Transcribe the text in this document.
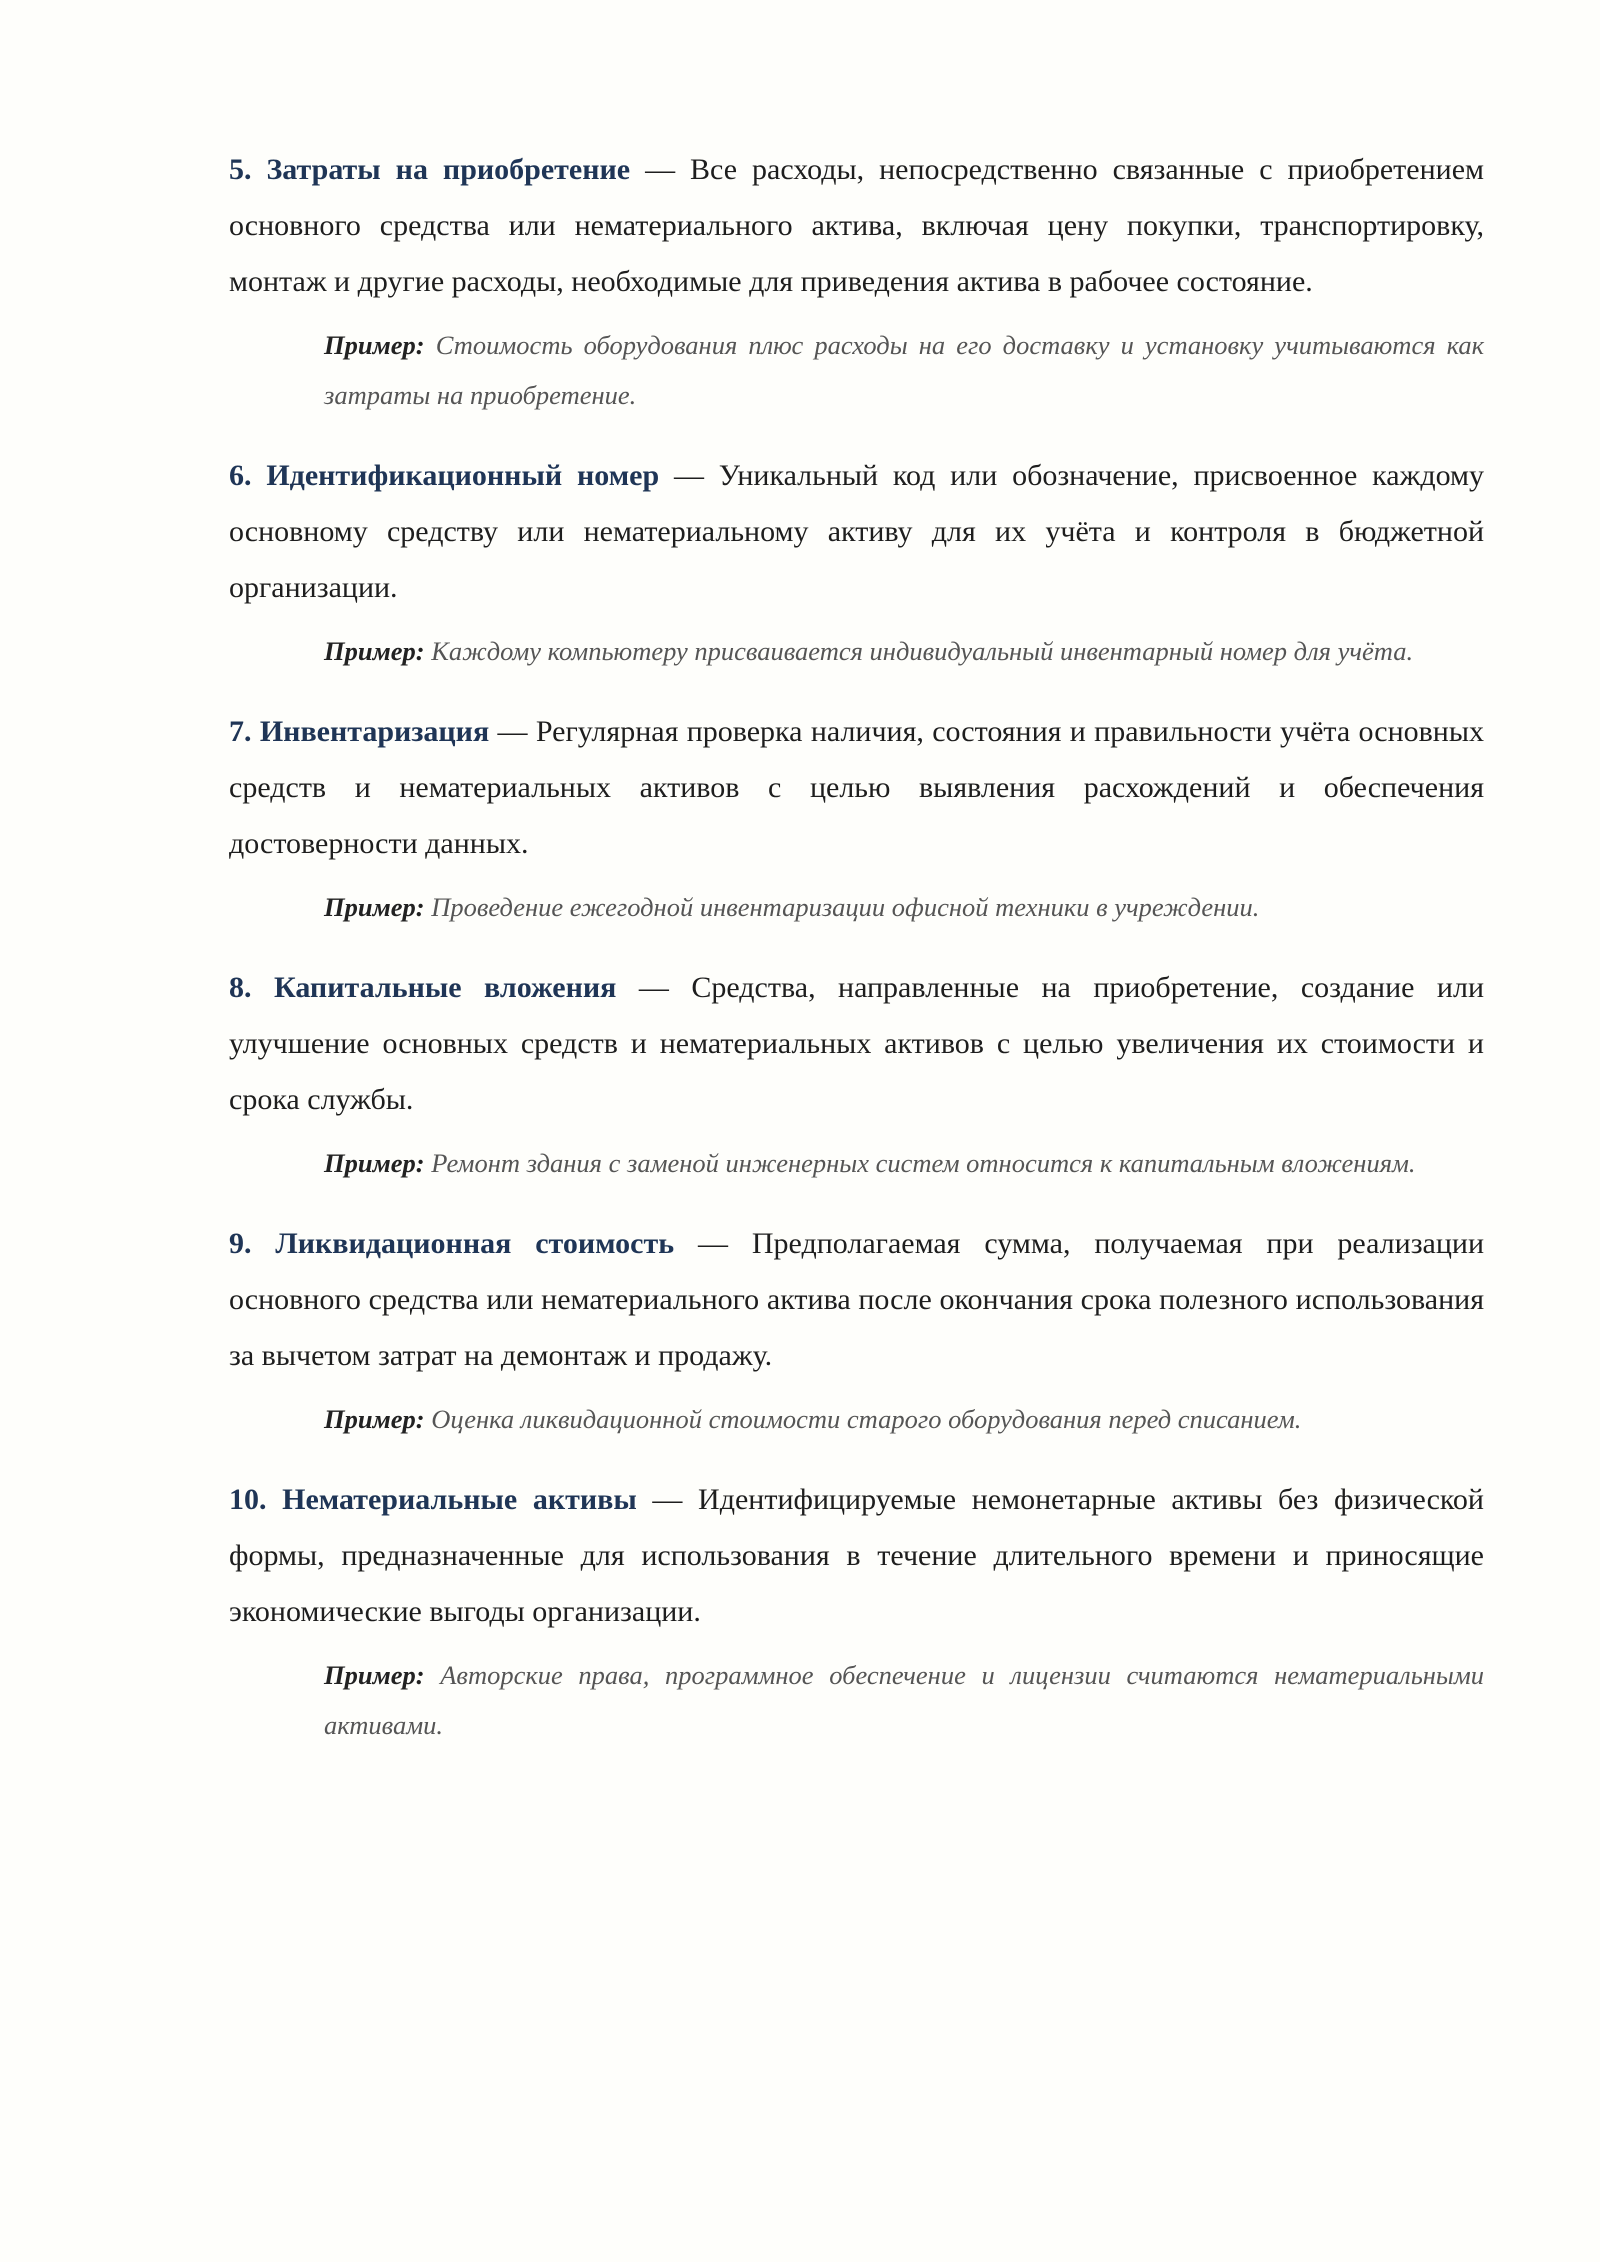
5. Затраты на приобретение — Все расходы, непосредственно связанные с приобретением основного средства или нематериального актива, включая цену покупки, транспортировку, монтаж и другие расходы, необходимые для приведения актива в рабочее состояние.

Пример: Стоимость оборудования плюс расходы на его доставку и установку учитываются как затраты на приобретение.

6. Идентификационный номер — Уникальный код или обозначение, присвоенное каждому основному средству или нематериальному активу для их учёта и контроля в бюджетной организации.

Пример: Каждому компьютеру присваивается индивидуальный инвентарный номер для учёта.

7. Инвентаризация — Регулярная проверка наличия, состояния и правильности учёта основных средств и нематериальных активов с целью выявления расхождений и обеспечения достоверности данных.

Пример: Проведение ежегодной инвентаризации офисной техники в учреждении.

8. Капитальные вложения — Средства, направленные на приобретение, создание или улучшение основных средств и нематериальных активов с целью увеличения их стоимости и срока службы.

Пример: Ремонт здания с заменой инженерных систем относится к капитальным вложениям.

9. Ликвидационная стоимость — Предполагаемая сумма, получаемая при реализации основного средства или нематериального актива после окончания срока полезного использования за вычетом затрат на демонтаж и продажу.

Пример: Оценка ликвидационной стоимости старого оборудования перед списанием.

10. Нематериальные активы — Идентифицируемые немонетарные активы без физической формы, предназначенные для использования в течение длительного времени и приносящие экономические выгоды организации.

Пример: Авторские права, программное обеспечение и лицензии считаются нематериальными активами.
